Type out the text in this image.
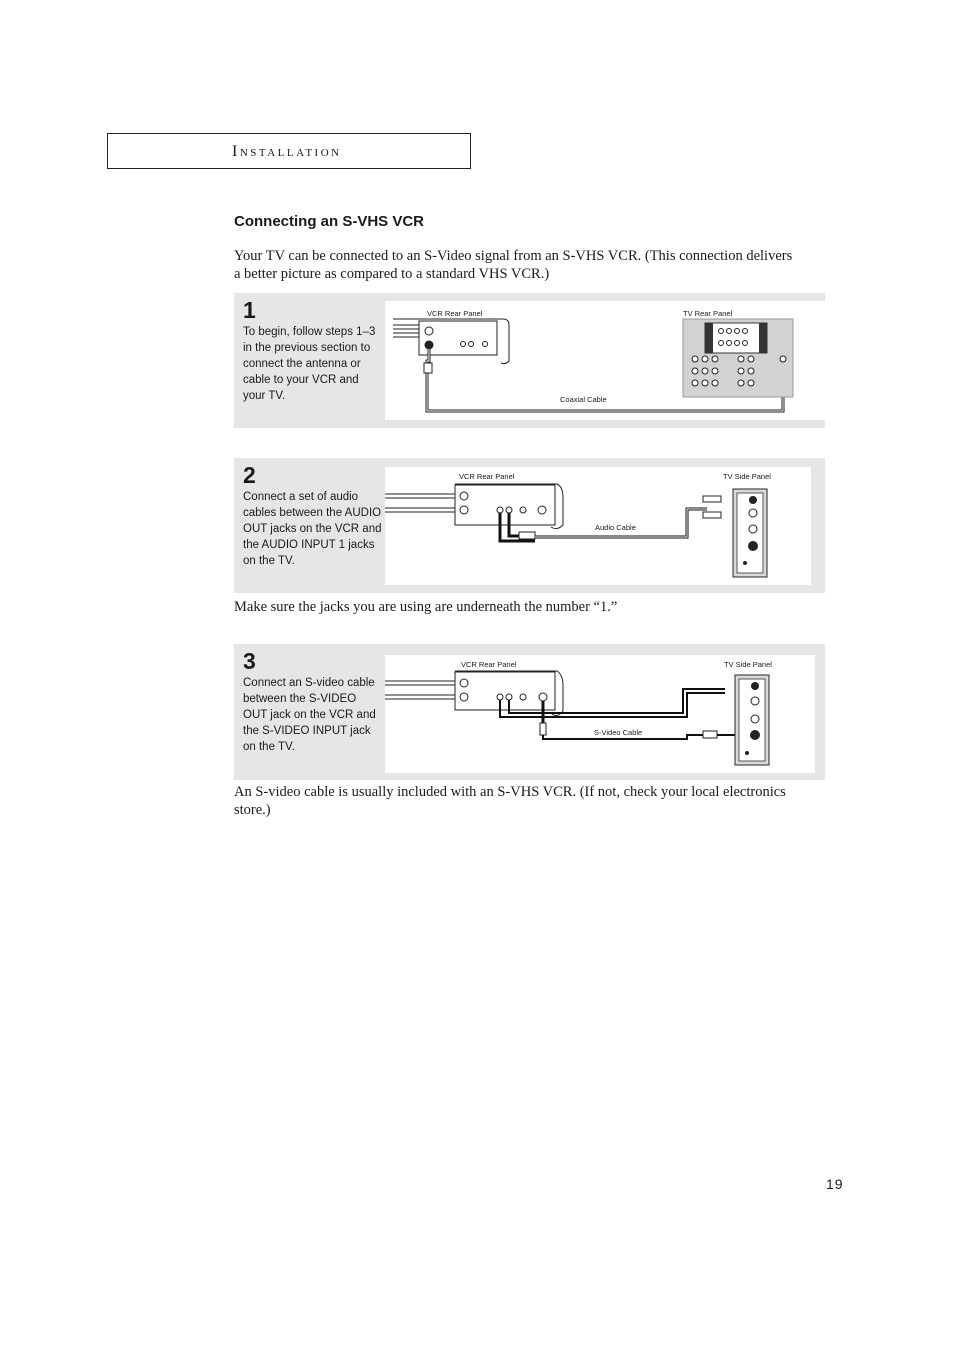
Installation
Connecting an S-VHS VCR
Your TV can be connected to an S-Video signal from an S-VHS VCR. (This connection delivers a better picture as compared to a standard VHS VCR.)
1
To begin, follow steps 1–3 in the previous section to connect the antenna or cable to your VCR and your TV.
VCR Rear Panel	TV Rear Panel
Coaxial Cable
2
Connect a set of audio cables between the AUDIO OUT jacks on the VCR and the AUDIO INPUT 1 jacks on the TV.
VCR Rear Panel	TV Side Panel
Audio Cable
Make sure the jacks you are using are underneath the number “1.”
3
Connect an S-video cable between the S-VIDEO OUT jack on the VCR and the S-VIDEO INPUT jack on the TV.
VCR Rear Panel	TV Side Panel
S-Video Cable
An S-video cable is usually included with an S-VHS VCR. (If not, check your local electronics store.)
19
